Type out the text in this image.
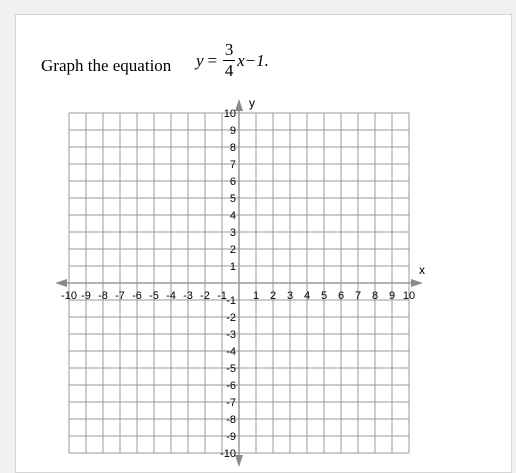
Graph the equation $y = \frac{3}{4} x-1$.
x
y
-10 -9 -8 -7 -6 -5 -4 -3 -2 -1 1 2 3 4 5 6 7 8 9 10
10
9
8
7
6
5
4
3
2
1
-1
-2
-3
-4
-5
-6
-7
-8
-9
-10
